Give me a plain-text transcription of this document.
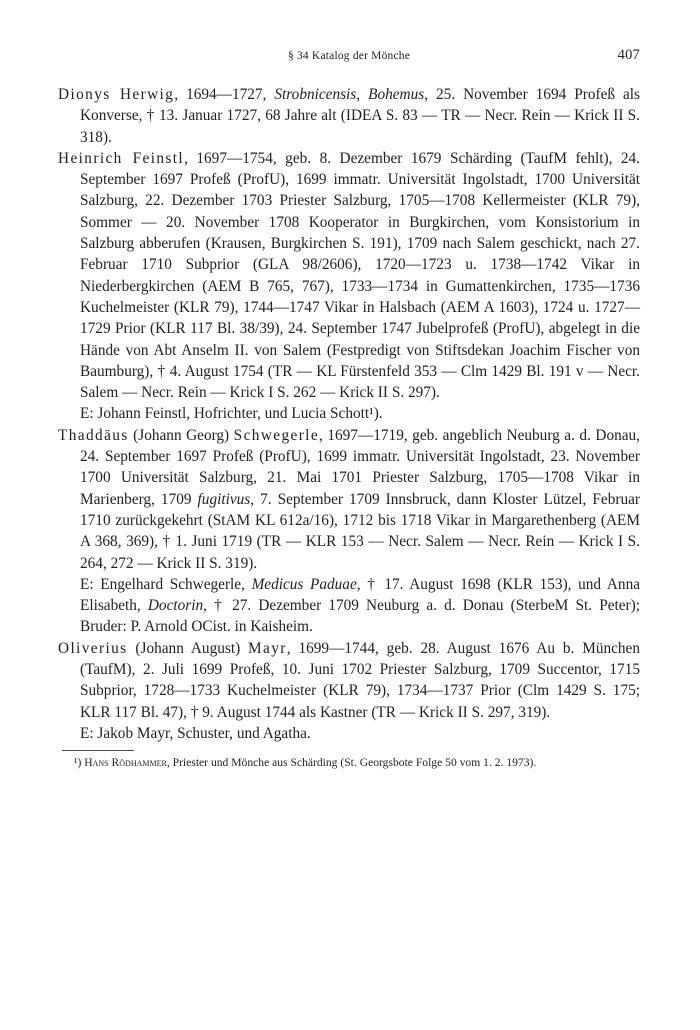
§ 34 Katalog der Mönche	407

Dionys Herwig, 1694—1727, Strobnicensis, Bohemus, 25. November 1694 Profeß als Konverse, † 13. Januar 1727, 68 Jahre alt (IDEA S. 83 — TR — Necr. Rein — Krick II S. 318).

Heinrich Feinstl, 1697—1754, geb. 8. Dezember 1679 Schärding (TaufM fehlt), 24. September 1697 Profeß (ProfU), 1699 immatr. Universität Ingolstadt, 1700 Universität Salzburg, 22. Dezember 1703 Priester Salzburg, 1705—1708 Kellermeister (KLR 79), Sommer — 20. November 1708 Kooperator in Burgkirchen, vom Konsistorium in Salzburg abberufen (Krausen, Burgkirchen S. 191), 1709 nach Salem geschickt, nach 27. Februar 1710 Subprior (GLA 98/2606), 1720—1723 u. 1738—1742 Vikar in Niederbergkirchen (AEM B 765, 767), 1733—1734 in Gumattenkirchen, 1735—1736 Kuchelmeister (KLR 79), 1744—1747 Vikar in Halsbach (AEM A 1603), 1724 u. 1727—1729 Prior (KLR 117 Bl. 38/39), 24. September 1747 Jubelprofeß (ProfU), abgelegt in die Hände von Abt Anselm II. von Salem (Festpredigt von Stiftsdekan Joachim Fischer von Baumburg), † 4. August 1754 (TR — KL Fürstenfeld 353 — Clm 1429 Bl. 191 v — Necr. Salem — Necr. Rein — Krick I S. 262 — Krick II S. 297).
E: Johann Feinstl, Hofrichter, und Lucia Schott¹).

Thaddäus (Johann Georg) Schwegerle, 1697—1719, geb. angeblich Neuburg a. d. Donau, 24. September 1697 Profeß (ProfU), 1699 immatr. Universität Ingolstadt, 23. November 1700 Universität Salzburg, 21. Mai 1701 Priester Salzburg, 1705—1708 Vikar in Marienberg, 1709 fugitivus, 7. September 1709 Innsbruck, dann Kloster Lützel, Februar 1710 zurückgekehrt (StAM KL 612a/16), 1712 bis 1718 Vikar in Margarethenberg (AEM A 368, 369), † 1. Juni 1719 (TR — KLR 153 — Necr. Salem — Necr. Rein — Krick I S. 264, 272 — Krick II S. 319).
E: Engelhard Schwegerle, Medicus Paduae, † 17. August 1698 (KLR 153), und Anna Elisabeth, Doctorin, † 27. Dezember 1709 Neuburg a. d. Donau (SterbeM St. Peter); Bruder: P. Arnold OCist. in Kaisheim.

Oliverius (Johann August) Mayr, 1699—1744, geb. 28. August 1676 Au b. München (TaufM), 2. Juli 1699 Profeß, 10. Juni 1702 Priester Salzburg, 1709 Succentor, 1715 Subprior, 1728—1733 Kuchelmeister (KLR 79), 1734—1737 Prior (Clm 1429 S. 175; KLR 117 Bl. 47), † 9. August 1744 als Kastner (TR — Krick II S. 297, 319).
E: Jakob Mayr, Schuster, und Agatha.

¹) Hans Rödhammer, Priester und Mönche aus Schärding (St. Georgsbote Folge 50 vom 1. 2. 1973).
